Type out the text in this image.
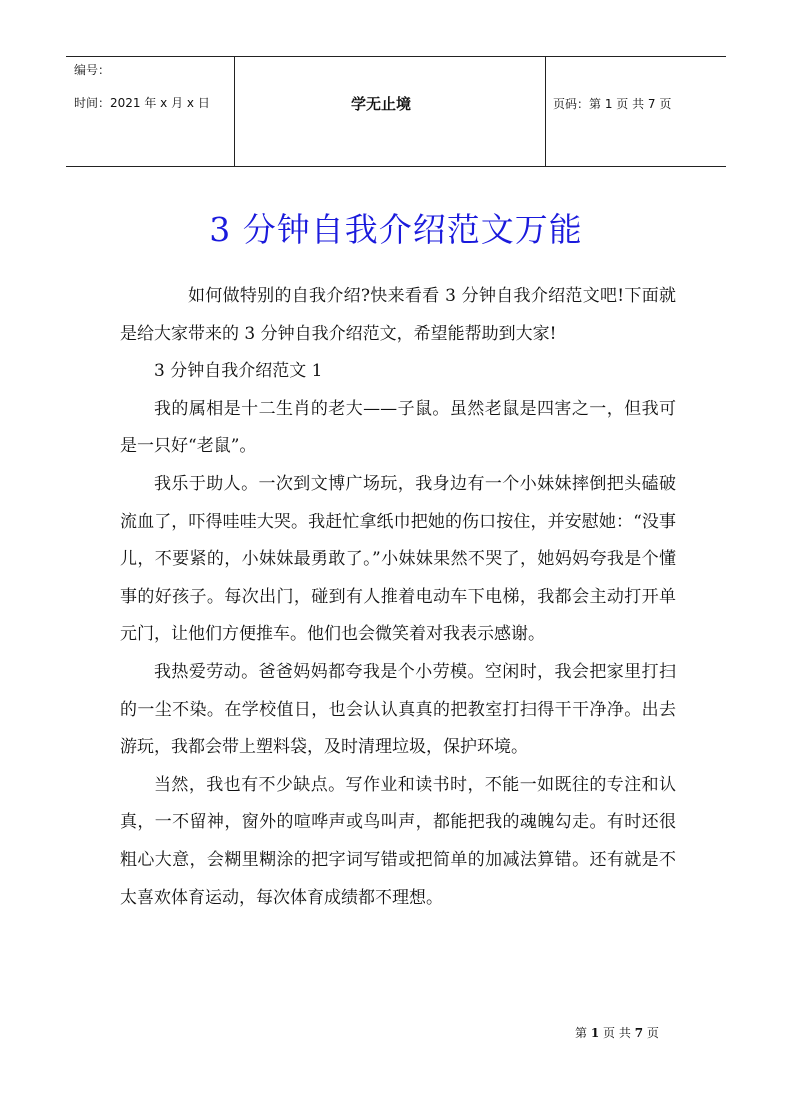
编号：
时间：2021 年 x 月 x 日	学无止境	页码：第 1 页 共 7 页
3 分钟自我介绍范文万能

如何做特别的自我介绍?快来看看 3 分钟自我介绍范文吧!下面就是给大家带来的 3 分钟自我介绍范文，希望能帮助到大家!

3 分钟自我介绍范文 1

我的属相是十二生肖的老大——子鼠。虽然老鼠是四害之一，但我可是一只好“老鼠”。

我乐于助人。一次到文博广场玩，我身边有一个小妹妹摔倒把头磕破流血了，吓得哇哇大哭。我赶忙拿纸巾把她的伤口按住，并安慰她：“没事儿，不要紧的，小妹妹最勇敢了。”小妹妹果然不哭了，她妈妈夸我是个懂事的好孩子。每次出门，碰到有人推着电动车下电梯，我都会主动打开单元门，让他们方便推车。他们也会微笑着对我表示感谢。

我热爱劳动。爸爸妈妈都夸我是个小劳模。空闲时，我会把家里打扫的一尘不染。在学校值日，也会认认真真的把教室打扫得干干净净。出去游玩，我都会带上塑料袋，及时清理垃圾，保护环境。

当然，我也有不少缺点。写作业和读书时，不能一如既往的专注和认真，一不留神，窗外的喧哗声或鸟叫声，都能把我的魂魄勾走。有时还很粗心大意，会糊里糊涂的把字词写错或把简单的加减法算错。还有就是不太喜欢体育运动，每次体育成绩都不理想。

第 1 页 共 7 页
